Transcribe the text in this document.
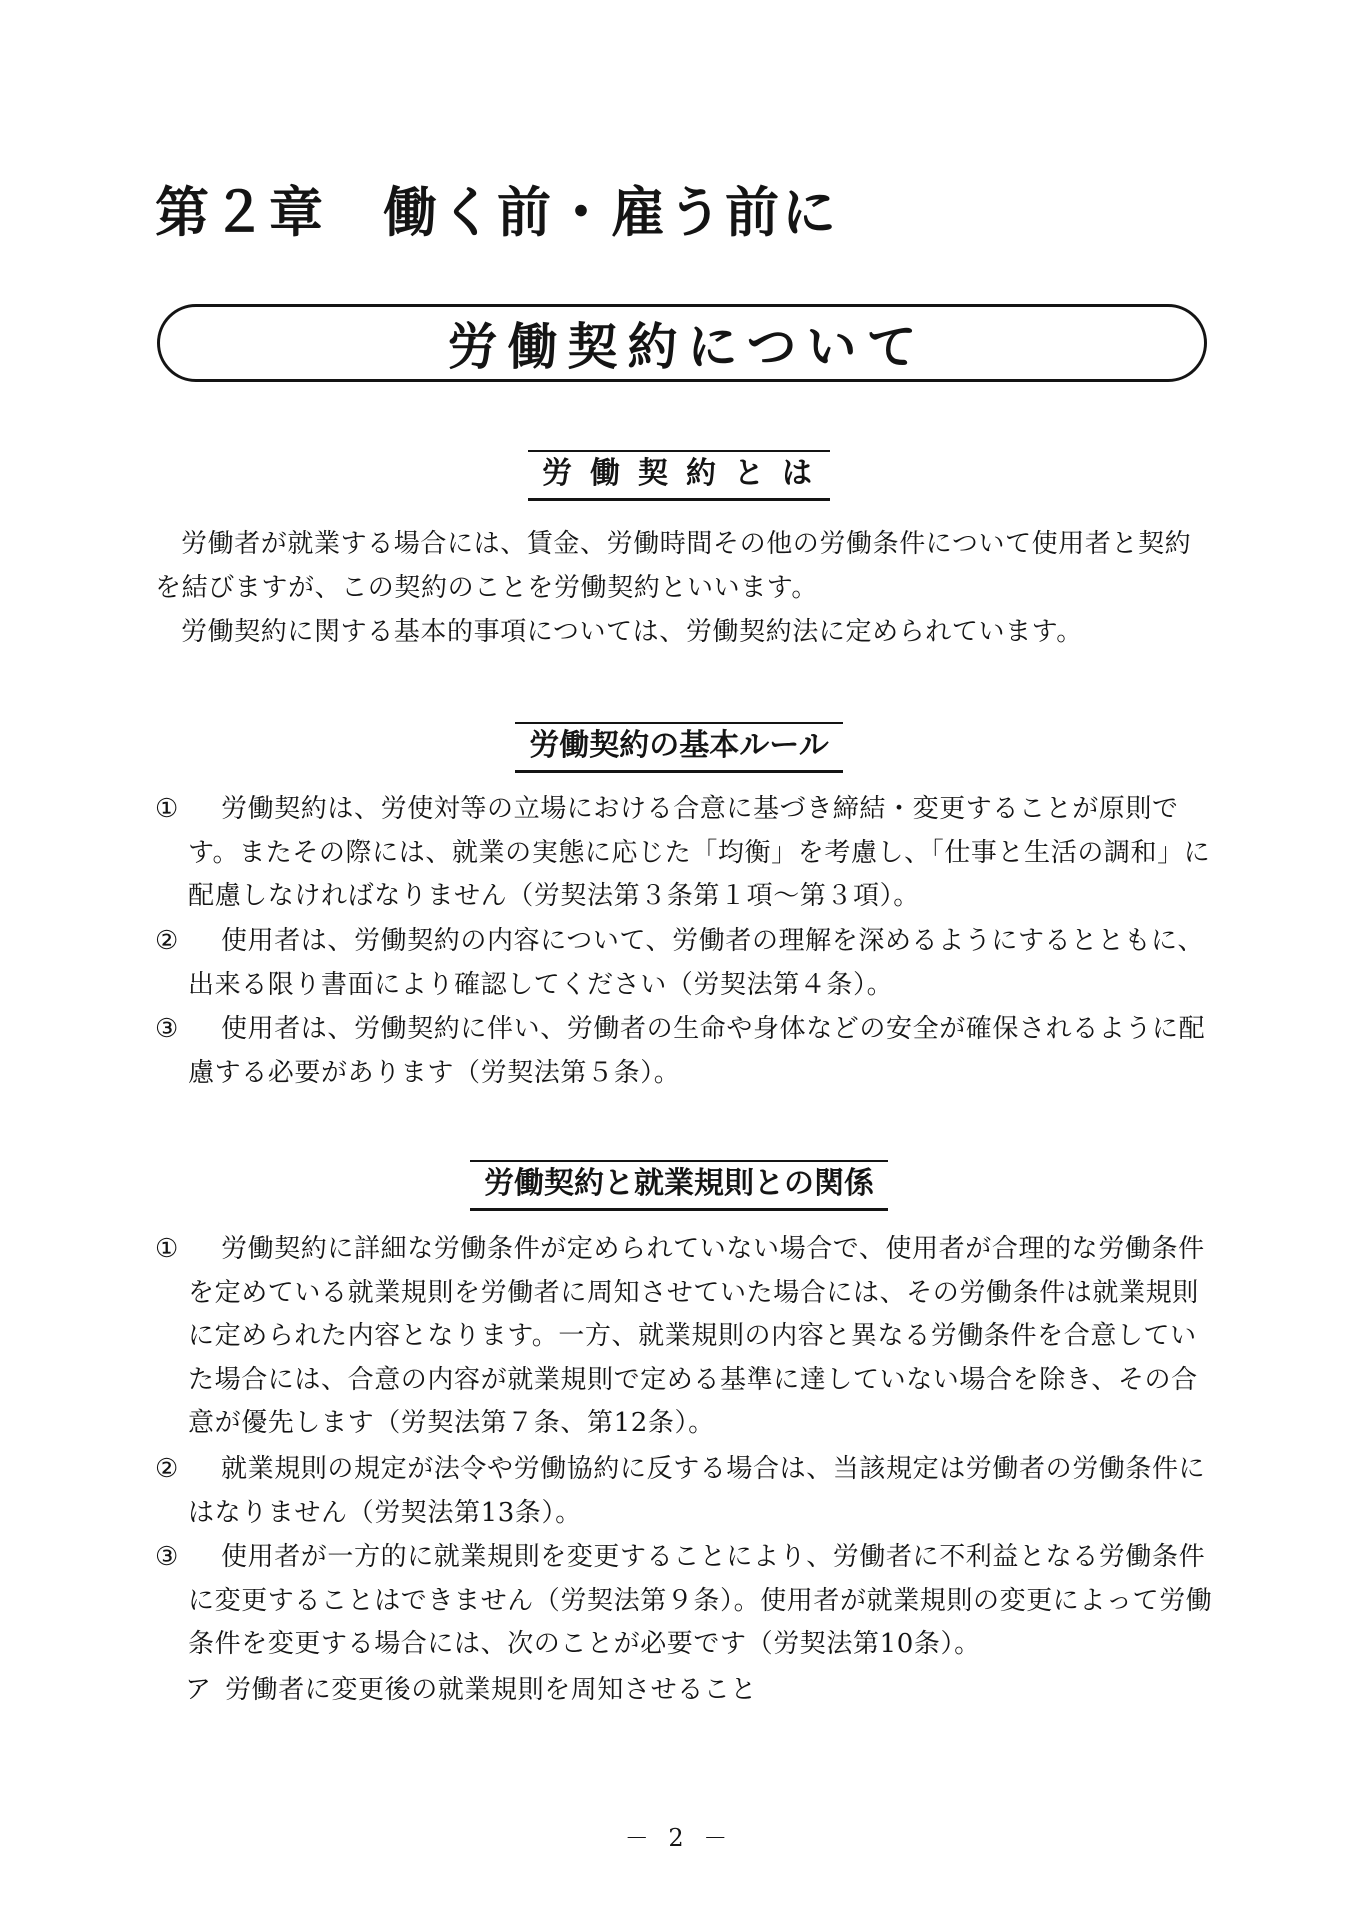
第２章　働く前・雇う前に
労働契約について
労働契約とは

労働者が就業する場合には、賃金、労働時間その他の労働条件について使用者と契約を結びますが、この契約のことを労働契約といいます。

労働契約に関する基本的事項については、労働契約法に定められています。

労働契約の基本ルール
① 労働契約は、労使対等の立場における合意に基づき締結・変更することが原則です。またその際には、就業の実態に応じた「均衡」を考慮し、「仕事と生活の調和」に配慮しなければなりません（労契法第３条第１項～第３項）。
② 使用者は、労働契約の内容について、労働者の理解を深めるようにするとともに、出来る限り書面により確認してください（労契法第４条）。
③ 使用者は、労働契約に伴い、労働者の生命や身体などの安全が確保されるように配慮する必要があります（労契法第５条）。
労働契約と就業規則との関係
① 労働契約に詳細な労働条件が定められていない場合で、使用者が合理的な労働条件を定めている就業規則を労働者に周知させていた場合には、その労働条件は就業規則に定められた内容となります。一方、就業規則の内容と異なる労働条件を合意していた場合には、合意の内容が就業規則で定める基準に達していない場合を除き、その合意が優先します（労契法第７条、第12条）。
② 就業規則の規定が法令や労働協約に反する場合は、当該規定は労働者の労働条件にはなりません（労契法第13条）。
③ 使用者が一方的に就業規則を変更することにより、労働者に不利益となる労働条件に変更することはできません（労契法第９条）。使用者が就業規則の変更によって労働条件を変更する場合には、次のことが必要です（労契法第10条）。
ア 労働者に変更後の就業規則を周知させること
－ 2 －
